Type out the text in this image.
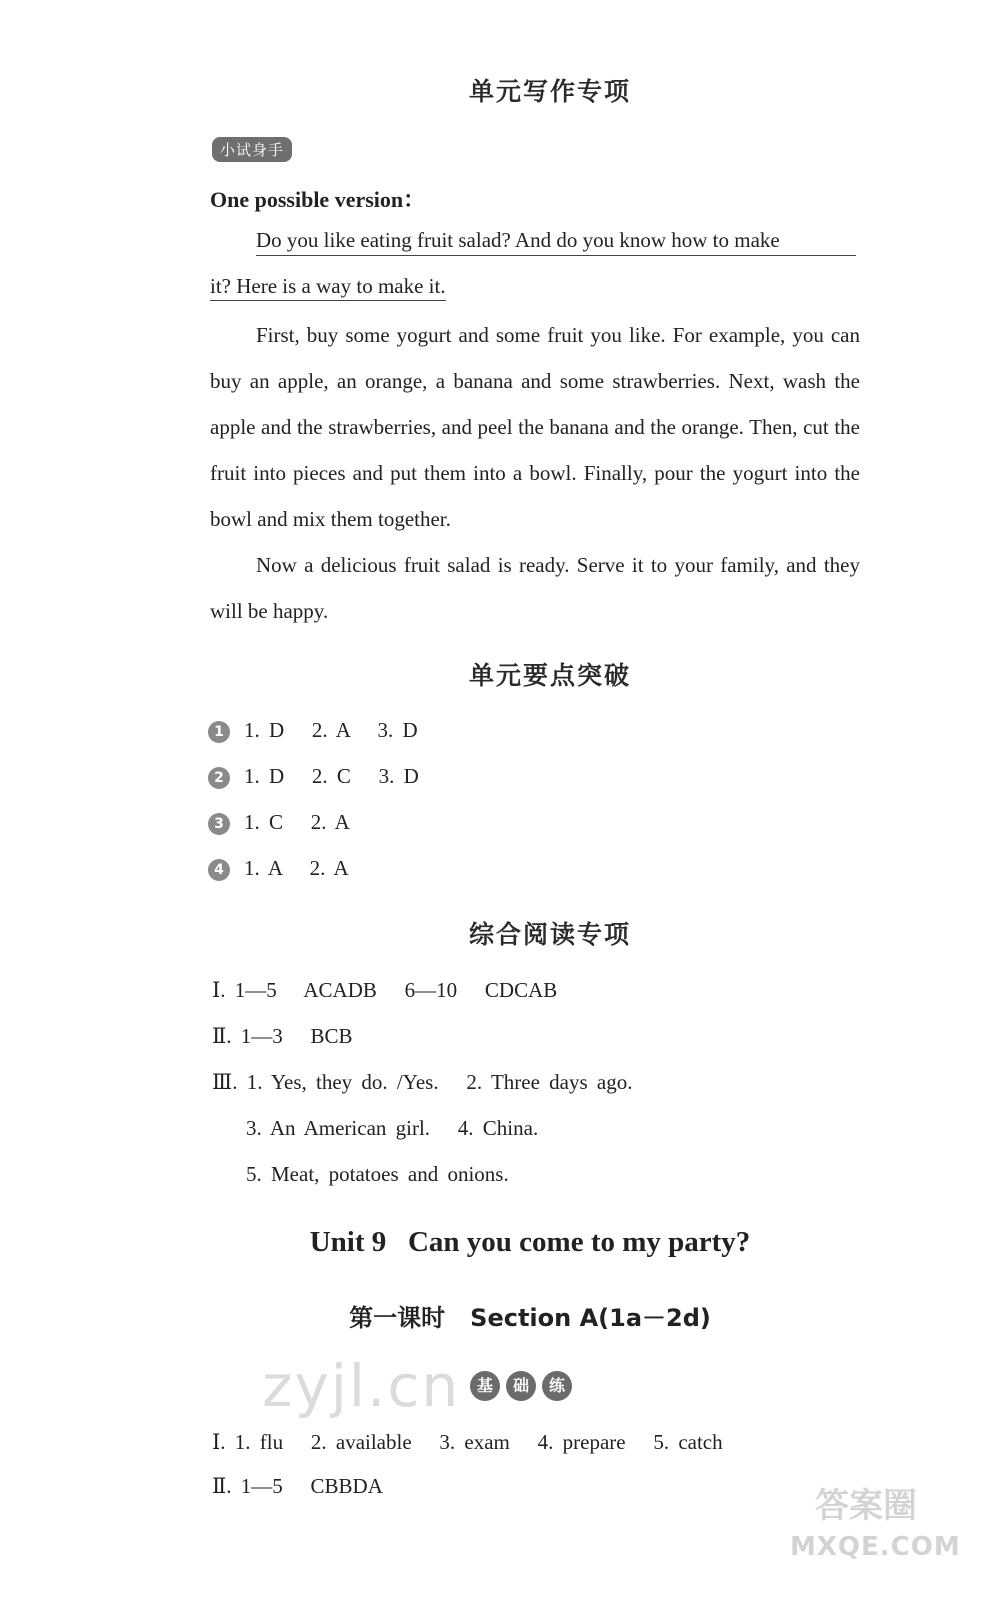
单元写作专项
小试身手
One possible version：
Do you like eating fruit salad? And do you know how to make
it? Here is a way to make it.
First, buy some yogurt and some fruit you like. For example, you can buy an apple, an orange, a banana and some strawberries. Next, wash the apple and the strawberries, and peel the banana and the orange. Then, cut the fruit into pieces and put them into a bowl. Finally, pour the yogurt into the bowl and mix them together.
Now a delicious fruit salad is ready. Serve it to your family, and they will be happy.
单元要点突破
1 1. D   2. A   3. D
2 1. D   2. C   3. D
3 1. C   2. A
4 1. A   2. A
综合阅读专项
Ⅰ. 1—5   ACADB   6—10   CDCAB
Ⅱ. 1—3   BCB
Ⅲ. 1. Yes, they do. /Yes.   2. Three days ago.
3. An American girl.   4. China.
5. Meat, potatoes and onions.
Unit 9   Can you come to my party?
第一课时   Section A(1a－2d)
基	础	练
Ⅰ. 1. flu   2. available   3. exam   4. prepare   5. catch
Ⅱ. 1—5   CBBDA
zyjl.cn
答案圈
MXQE.COM
